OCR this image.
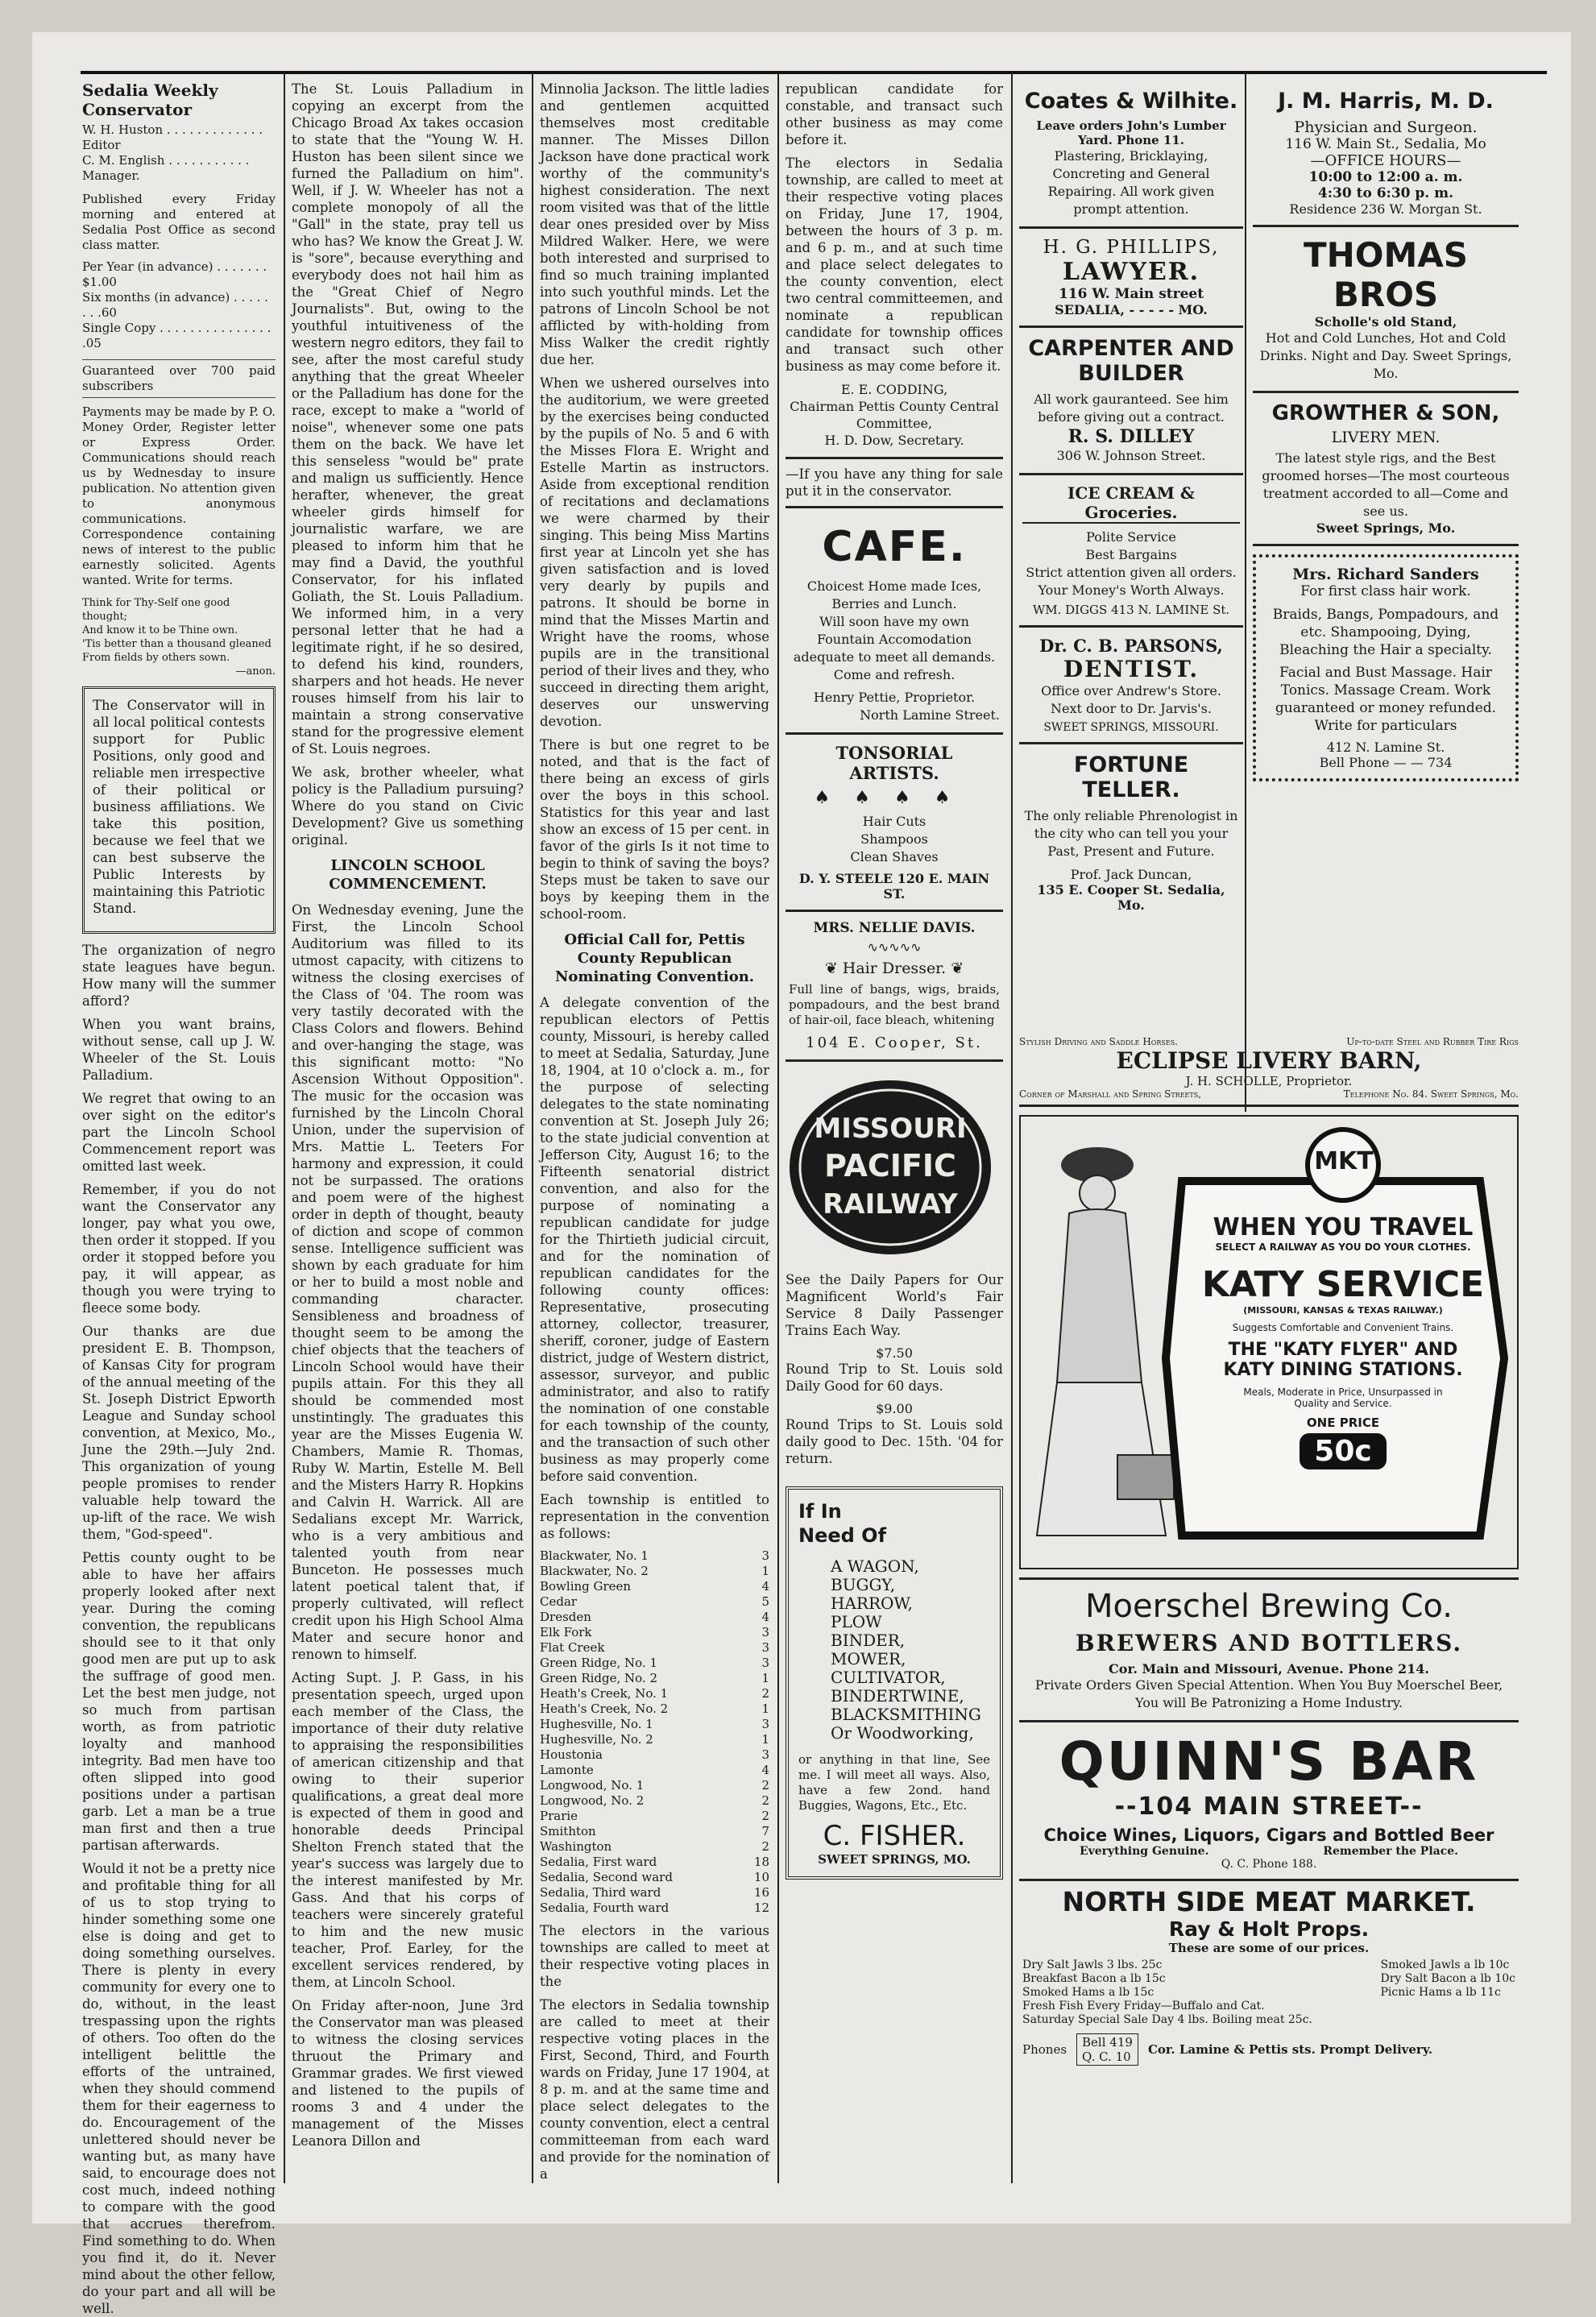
Sedalia Weekly Conservator
W. H. Huston . . . . . . . . . . . . . Editor
C. M. English . . . . . . . . . . . Manager.

Published every Friday morning and entered at Sedalia Post Office as second class matter.

Per Year (in advance) . . . . . . . $1.00
Six months (in advance) . . . . . . . .60
Single Copy . . . . . . . . . . . . . . . .05

Guaranteed over 700 paid subscribers

Payments may be made by P. O. Money Order, Register letter or Express Order. Communications should reach us by Wednesday to insure publication. No attention given to anonymous communications. Correspondence containing news of interest to the public earnestly solicited. Agents wanted. Write for terms.

Think for Thy-Self one good thought;
And know it to be Thine own.
'Tis better than a thousand gleaned
From fields by others sown.
—anon.

The Conservator will in all local political contests support for Public Positions, only good and reliable men irrespective of their political or business affiliations. We take this position, because we feel that we can best subserve the Public Interests by maintaining this Patriotic Stand.

The organization of negro state leagues have begun. How many will the summer afford?

When you want brains, without sense, call up J. W. Wheeler of the St. Louis Palladium.

We regret that owing to an over sight on the editor's part the Lincoln School Commencement report was omitted last week.

Remember, if you do not want the Conservator any longer, pay what you owe, then order it stopped. If you order it stopped before you pay, it will appear, as though you were trying to fleece some body.

Our thanks are due president E. B. Thompson, of Kansas City for program of the annual meeting of the St. Joseph District Epworth League and Sunday school convention, at Mexico, Mo., June the 29th.—July 2nd. This organization of young people promises to render valuable help toward the up-lift of the race. We wish them, "God-speed".

Pettis county ought to be able to have her affairs properly looked after next year. During the coming convention, the republicans should see to it that only good men are put up to ask the suffrage of good men. Let the best men judge, not so much from partisan worth, as from patriotic loyalty and manhood integrity. Bad men have too often slipped into good positions under a partisan garb. Let a man be a true man first and then a true partisan afterwards.

Would it not be a pretty nice and profitable thing for all of us to stop trying to hinder something some one else is doing and get to doing something ourselves. There is plenty in every community for every one to do, without, in the least trespassing upon the rights of others. Too often do the intelligent belittle the efforts of the untrained, when they should commend them for their eagerness to do. Encouragement of the unlettered should never be wanting but, as many have said, to encourage does not cost much, indeed nothing to compare with the good that accrues therefrom. Find something to do. When you find it, do it. Never mind about the other fellow, do your part and all will be well.

The St. Louis Palladium in copying an excerpt from the Chicago Broad Ax takes occasion to state that the "Young W. H. Huston has been silent since we furned the Palladium on him". Well, if J. W. Wheeler has not a complete monopoly of all the "Gall" in the state, pray tell us who has? We know the Great J. W. is "sore", because everything and everybody does not hail him as the "Great Chief of Negro Journalists". But, owing to the youthful intuitiveness of the western negro editors, they fail to see, after the most careful study anything that the great Wheeler or the Palladium has done for the race, except to make a "world of noise", whenever some one pats them on the back. We have let this senseless "would be" prate and malign us sufficiently. Hence herafter, whenever, the great wheeler girds himself for journalistic warfare, we are pleased to inform him that he may find a David, the youthful Conservator, for his inflated Goliath, the St. Louis Palladium. We informed him, in a very personal letter that he had a legitimate right, if he so desired, to defend his kind, rounders, sharpers and hot heads. He never rouses himself from his lair to maintain a strong conservative stand for the progressive element of St. Louis negroes.

We ask, brother wheeler, what policy is the Palladium pursuing? Where do you stand on Civic Development? Give us something original.

LINCOLN SCHOOL COMMENCEMENT.

On Wednesday evening, June the First, the Lincoln School Auditorium was filled to its utmost capacity, with citizens to witness the closing exercises of the Class of '04. The room was very tastily decorated with the Class Colors and flowers. Behind and over-hanging the stage, was this significant motto: "No Ascension Without Opposition". The music for the occasion was furnished by the Lincoln Choral Union, under the supervision of Mrs. Mattie L. Teeters For harmony and expression, it could not be surpassed. The orations and poem were of the highest order in depth of thought, beauty of diction and scope of common sense. Intelligence sufficient was shown by each graduate for him or her to build a most noble and commanding character. Sensibleness and broadness of thought seem to be among the chief objects that the teachers of Lincoln School would have their pupils attain. For this they all should be commended most unstintingly. The graduates this year are the Misses Eugenia W. Chambers, Mamie R. Thomas, Ruby W. Martin, Estelle M. Bell and the Misters Harry R. Hopkins and Calvin H. Warrick. All are Sedalians except Mr. Warrick, who is a very ambitious and talented youth from near Bunceton. He possesses much latent poetical talent that, if properly cultivated, will reflect credit upon his High School Alma Mater and secure honor and renown to himself.

Acting Supt. J. P. Gass, in his presentation speech, urged upon each member of the Class, the importance of their duty relative to appraising the responsibilities of american citizenship and that owing to their superior qualifications, a great deal more is expected of them in good and honorable deeds Principal Shelton French stated that the year's success was largely due to the interest manifested by Mr. Gass. And that his corps of teachers were sincerely grateful to him and the new music teacher, Prof. Earley, for the excellent services rendered, by them, at Lincoln School.

On Friday after-noon, June 3rd the Conservator man was pleased to witness the closing services thruout the Primary and Grammar grades. We first viewed and listened to the pupils of rooms 3 and 4 under the management of the Misses Leanora Dillon and

Minnolia Jackson. The little ladies and gentlemen acquitted themselves most creditable manner. The Misses Dillon Jackson have done practical work worthy of the community's highest consideration. The next room visited was that of the little dear ones presided over by Miss Mildred Walker. Here, we were both interested and surprised to find so much training implanted into such youthful minds. Let the patrons of Lincoln School be not afflicted by with-holding from Miss Walker the credit rightly due her.

When we ushered ourselves into the auditorium, we were greeted by the exercises being conducted by the pupils of No. 5 and 6 with the Misses Flora E. Wright and Estelle Martin as instructors. Aside from exceptional rendition of recitations and declamations we were charmed by their singing. This being Miss Martins first year at Lincoln yet she has given satisfaction and is loved very dearly by pupils and patrons. It should be borne in mind that the Misses Martin and Wright have the rooms, whose pupils are in the transitional period of their lives and they, who succeed in directing them aright, deserves our unswerving devotion.

There is but one regret to be noted, and that is the fact of there being an excess of girls over the boys in this school. Statistics for this year and last show an excess of 15 per cent. in favor of the girls Is it not time to begin to think of saving the boys? Steps must be taken to save our boys by keeping them in the school-room.

Official Call for, Pettis County Republican Nominating Convention.

A delegate convention of the republican electors of Pettis county, Missouri, is hereby called to meet at Sedalia, Saturday, June 18, 1904, at 10 o'clock a. m., for the purpose of selecting delegates to the state nominating convention at St. Joseph July 26; to the state judicial convention at Jefferson City, August 16; to the Fifteenth senatorial district convention, and also for the purpose of nominating a republican candidate for judge for the Thirtieth judicial circuit, and for the nomination of republican candidates for the following county offices: Representative, prosecuting attorney, collector, treasurer, sheriff, coroner, judge of Eastern district, judge of Western district, assessor, surveyor, and public administrator, and also to ratify the nomination of one constable for each township of the county, and the transaction of such other business as may properly come before said convention.

Each township is entitled to representation in the convention as follows:

Blackwater, No. 1	3
Blackwater, No. 2	1
Bowling Green	4
Cedar	5
Dresden	4
Elk Fork	3
Flat Creek	3
Green Ridge, No. 1	3
Green Ridge, No. 2	1
Heath's Creek, No. 1	2
Heath's Creek, No. 2	1
Hughesville, No. 1	3
Hughesville, No. 2	1
Houstonia	3
Lamonte	4
Longwood, No. 1	2
Longwood, No. 2	2
Prarie	2
Smithton	7
Washington	2
Sedalia, First ward	18
Sedalia, Second ward	10
Sedalia, Third ward	16
Sedalia, Fourth ward	12

The electors in the various townships are called to meet at their respective voting places in the

The electors in Sedalia township are called to meet at their respective voting places in the First, Second, Third, and Fourth wards on Friday, June 17 1904, at 8 p. m. and at the same time and place select delegates to the county convention, elect a central committeeman from each ward and provide for the nomination of a

republican candidate for constable, and transact such other business as may come before it.

The electors in Sedalia township, are called to meet at their respective voting places on Friday, June 17, 1904, between the hours of 3 p. m. and 6 p. m., and at such time and place select delegates to the county convention, elect two central committeemen, and nominate a republican candidate for township offices and transact such other business as may come before it.

E. E. CODDING,
Chairman Pettis County Central Committee,
H. D. Dow, Secretary.

—If you have any thing for sale put it in the conservator.

CAFE.
Choicest Home made Ices, Berries and Lunch.
Will soon have my own Fountain Accomodation adequate to meet all demands. Come and refresh.
Henry Pettie, Proprietor.
North Lamine Street.
TONSORIAL ARTISTS.
♠♠♠♠
Hair Cuts
Shampoos
Clean Shaves
D. Y. STEELE 120 E. MAIN ST.
MRS. NELLIE DAVIS.
∿∿∿∿∿
❦ Hair Dresser. ❦

Full line of bangs, wigs, braids, pompadours, and the best brand of hair-oil, face bleach, whitening

104 E. Cooper, St.
MISSOURI
PACIFIC
RAILWAY

See the Daily Papers for Our Magnificent World's Fair Service 8 Daily Passenger Trains Each Way.

$7.50

Round Trip to St. Louis sold Daily Good for 60 days.

$9.00

Round Trips to St. Louis sold daily good to Dec. 15th. '04 for return.

If In
Need Of
A WAGON,
BUGGY,
HARROW,
PLOW
BINDER,
MOWER,
CULTIVATOR,
BINDERTWINE,
BLACKSMITHING
Or Woodworking,

or anything in that line, See me. I will meet all ways. Also, have a few 2ond. hand Buggies, Wagons, Etc., Etc.

C. FISHER.
SWEET SPRINGS, MO.
Coates & Wilhite.
Leave orders John's Lumber Yard. Phone 11.
Plastering, Bricklaying, Concreting and General Repairing. All work given prompt attention.
H. G. PHILLIPS,
LAWYER.
116 W. Main street
SEDALIA, - - - - - MO.
CARPENTER AND BUILDER
All work gauranteed. See him before giving out a contract.
R. S. DILLEY
306 W. Johnson Street.
ICE CREAM & Groceries.
Polite Service
Best Bargains
Strict attention given all orders.
Your Money's Worth Always.
WM. DIGGS 413 N. LAMINE St.
Dr. C. B. PARSONS,
DENTIST.
Office over Andrew's Store.
Next door to Dr. Jarvis's.
SWEET SPRINGS, MISSOURI.
FORTUNE TELLER.
The only reliable Phrenologist in the city who can tell you your Past, Present and Future.
Prof. Jack Duncan,
135 E. Cooper St. Sedalia, Mo.
J. M. Harris, M. D.
Physician and Surgeon.
116 W. Main St., Sedalia, Mo
—OFFICE HOURS—
10:00 to 12:00 a. m.
4:30 to 6:30 p. m.
Residence 236 W. Morgan St.
THOMAS BROS
Scholle's old Stand,
Hot and Cold Lunches, Hot and Cold Drinks. Night and Day. Sweet Springs, Mo.
GROWTHER & SON,
LIVERY MEN.
The latest style rigs, and the Best groomed horses—The most courteous treatment accorded to all—Come and see us.
Sweet Springs, Mo.
Mrs. Richard Sanders
For first class hair work.
Braids, Bangs, Pompadours, and etc. Shampooing, Dying, Bleaching the Hair a specialty.
Facial and Bust Massage. Hair Tonics. Massage Cream. Work guaranteed or money refunded. Write for particulars
412 N. Lamine St.
Bell Phone — — 734
Stylish Driving and Saddle Horses.	Up-to-date Steel and Rubber Tire Rigs
ECLIPSE LIVERY BARN,
J. H. SCHOLLE, Proprietor.
Corner of Marshall and Spring Streets,	Telephone No. 84. Sweet Springs, Mo.
MKT
WHEN YOU TRAVEL
SELECT A RAILWAY AS YOU DO YOUR CLOTHES.
KATY SERVICE
(MISSOURI, KANSAS & TEXAS RAILWAY.)
Suggests Comfortable and Convenient Trains.
THE "KATY FLYER" AND KATY DINING STATIONS.
Meals, Moderate in Price, Unsurpassed in Quality and Service.
ONE PRICE
50c
Moerschel Brewing Co.
BREWERS AND BOTTLERS.
Cor. Main and Missouri, Avenue. Phone 214.
Private Orders Given Special Attention. When You Buy Moerschel Beer, You will Be Patronizing a Home Industry.
QUINN'S BAR
--104 MAIN STREET--
Choice Wines, Liquors, Cigars and Bottled Beer
Everything Genuine.	Remember the Place.
Q. C. Phone 188.
NORTH SIDE MEAT MARKET.
Ray & Holt Props.
These are some of our prices.
Dry Salt Jawls 3 lbs. 25c
Breakfast Bacon a lb 15c
Smoked Hams a lb 15c
Fresh Fish Every Friday—Buffalo and Cat.
Saturday Special Sale Day 4 lbs. Boiling meat 25c.
Smoked Jawls a lb 10c
Dry Salt Bacon a lb 10c
Picnic Hams a lb 11c
Phones Bell 419
Q. C. 10 Cor. Lamine & Pettis sts. Prompt Delivery.
